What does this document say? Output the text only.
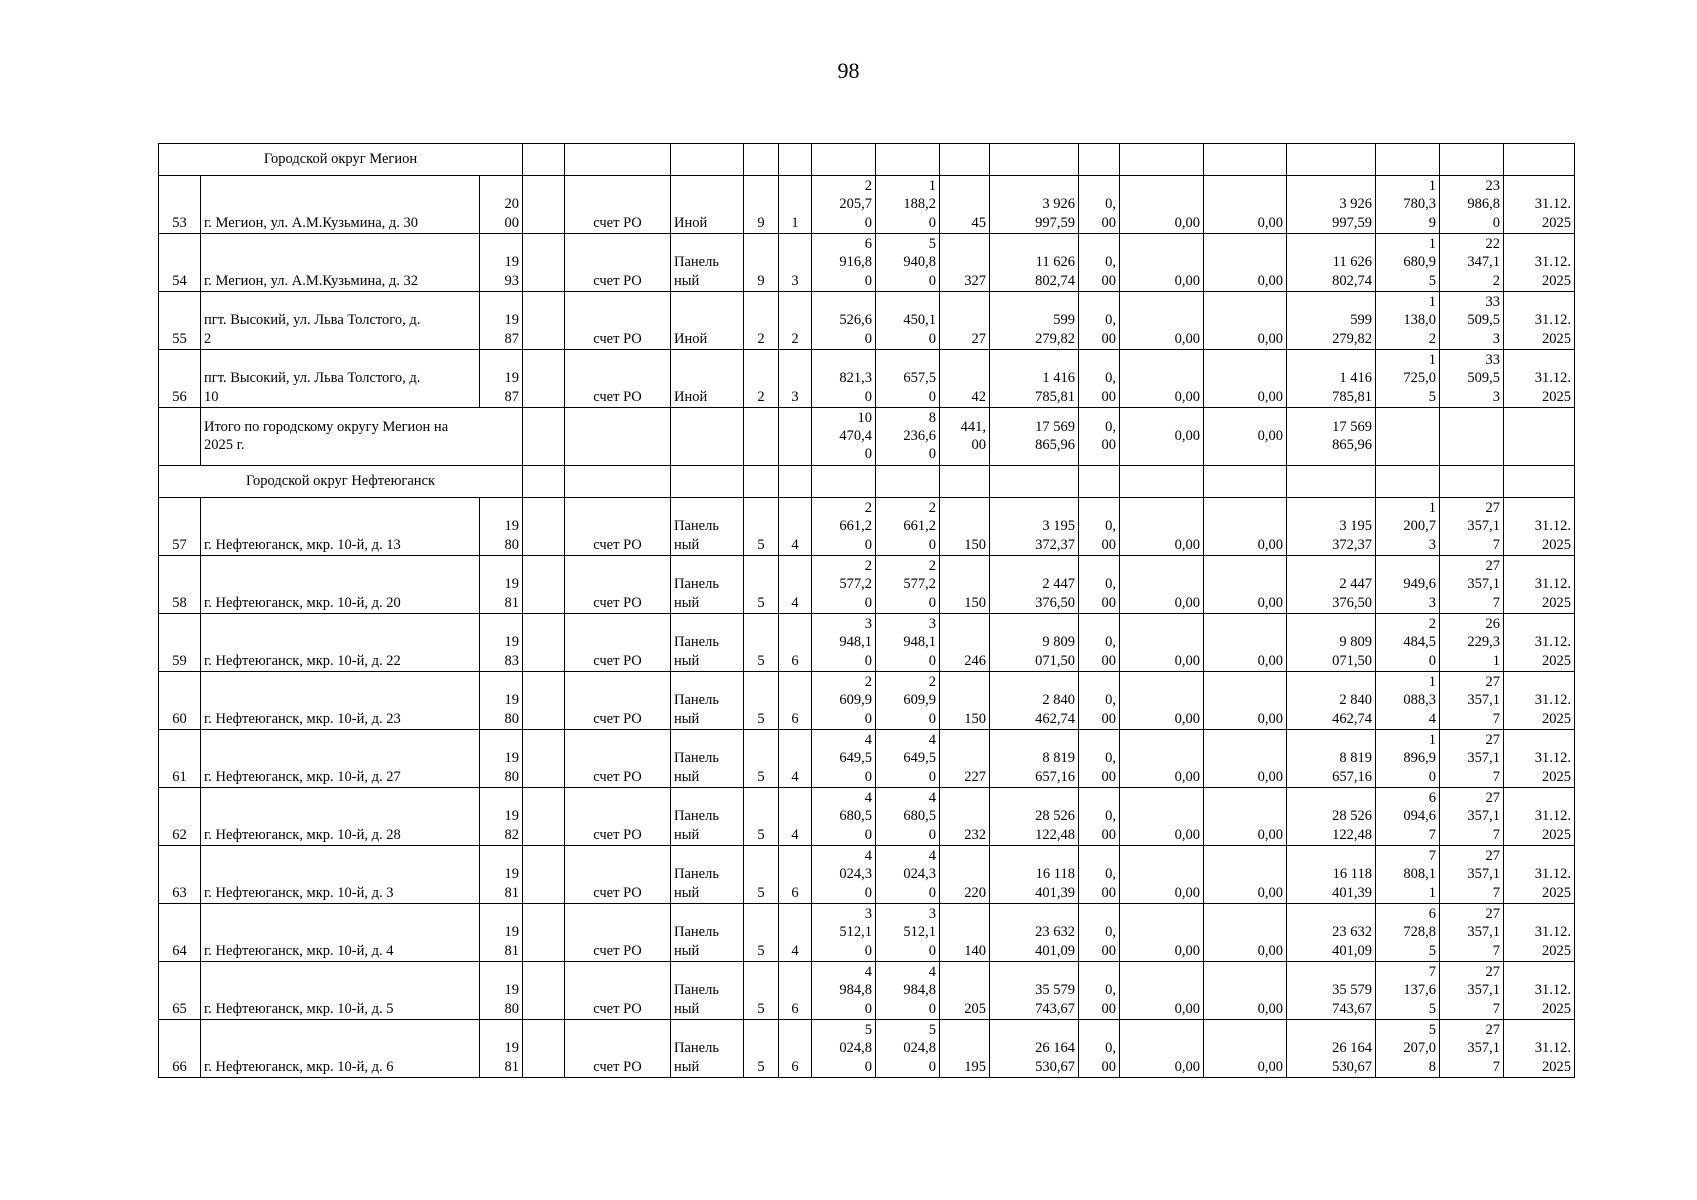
98
Городской округ Мегион																		
53	г. Мегион, ул. А.М.Кузьмина, д. 30	20
00		счет РО	Иной	9	1	2
205,7
0	1
188,2
0	45	3 926
997,59	0,
00	0,00	0,00	3 926
997,59	1
780,3
9	23
986,8
0	31.12.
2025
54	г. Мегион, ул. А.М.Кузьмина, д. 32	19
93		счет РО	Панель
ный	9	3	6
916,8
0	5
940,8
0	327	11 626
802,74	0,
00	0,00	0,00	11 626
802,74	1
680,9
5	22
347,1
2	31.12.
2025
55	пгт. Высокий, ул. Льва Толстого, д.
2	19
87		счет РО	Иной	2	2	526,6
0	450,1
0	27	599
279,82	0,
00	0,00	0,00	599
279,82	1
138,0
2	33
509,5
3	31.12.
2025
56	пгт. Высокий, ул. Льва Толстого, д.
10	19
87		счет РО	Иной	2	3	821,3
0	657,5
0	42	1 416
785,81	0,
00	0,00	0,00	1 416
785,81	1
725,0
5	33
509,5
3	31.12.
2025
	Итого по городскому округу Мегион на
2025 г.							10
470,4
0	8
236,6
0	441,
00	17 569
865,96	0,
00	0,00	0,00	17 569
865,96			
Городской округ Нефтеюганск																		
57	г. Нефтеюганск, мкр. 10-й, д. 13	19
80		счет РО	Панель
ный	5	4	2
661,2
0	2
661,2
0	150	3 195
372,37	0,
00	0,00	0,00	3 195
372,37	1
200,7
3	27
357,1
7	31.12.
2025
58	г. Нефтеюганск, мкр. 10-й, д. 20	19
81		счет РО	Панель
ный	5	4	2
577,2
0	2
577,2
0	150	2 447
376,50	0,
00	0,00	0,00	2 447
376,50	949,6
3	27
357,1
7	31.12.
2025
59	г. Нефтеюганск, мкр. 10-й, д. 22	19
83		счет РО	Панель
ный	5	6	3
948,1
0	3
948,1
0	246	9 809
071,50	0,
00	0,00	0,00	9 809
071,50	2
484,5
0	26
229,3
1	31.12.
2025
60	г. Нефтеюганск, мкр. 10-й, д. 23	19
80		счет РО	Панель
ный	5	6	2
609,9
0	2
609,9
0	150	2 840
462,74	0,
00	0,00	0,00	2 840
462,74	1
088,3
4	27
357,1
7	31.12.
2025
61	г. Нефтеюганск, мкр. 10-й, д. 27	19
80		счет РО	Панель
ный	5	4	4
649,5
0	4
649,5
0	227	8 819
657,16	0,
00	0,00	0,00	8 819
657,16	1
896,9
0	27
357,1
7	31.12.
2025
62	г. Нефтеюганск, мкр. 10-й, д. 28	19
82		счет РО	Панель
ный	5	4	4
680,5
0	4
680,5
0	232	28 526
122,48	0,
00	0,00	0,00	28 526
122,48	6
094,6
7	27
357,1
7	31.12.
2025
63	г. Нефтеюганск, мкр. 10-й, д. 3	19
81		счет РО	Панель
ный	5	6	4
024,3
0	4
024,3
0	220	16 118
401,39	0,
00	0,00	0,00	16 118
401,39	7
808,1
1	27
357,1
7	31.12.
2025
64	г. Нефтеюганск, мкр. 10-й, д. 4	19
81		счет РО	Панель
ный	5	4	3
512,1
0	3
512,1
0	140	23 632
401,09	0,
00	0,00	0,00	23 632
401,09	6
728,8
5	27
357,1
7	31.12.
2025
65	г. Нефтеюганск, мкр. 10-й, д. 5	19
80		счет РО	Панель
ный	5	6	4
984,8
0	4
984,8
0	205	35 579
743,67	0,
00	0,00	0,00	35 579
743,67	7
137,6
5	27
357,1
7	31.12.
2025
66	г. Нефтеюганск, мкр. 10-й, д. 6	19
81		счет РО	Панель
ный	5	6	5
024,8
0	5
024,8
0	195	26 164
530,67	0,
00	0,00	0,00	26 164
530,67	5
207,0
8	27
357,1
7	31.12.
2025
